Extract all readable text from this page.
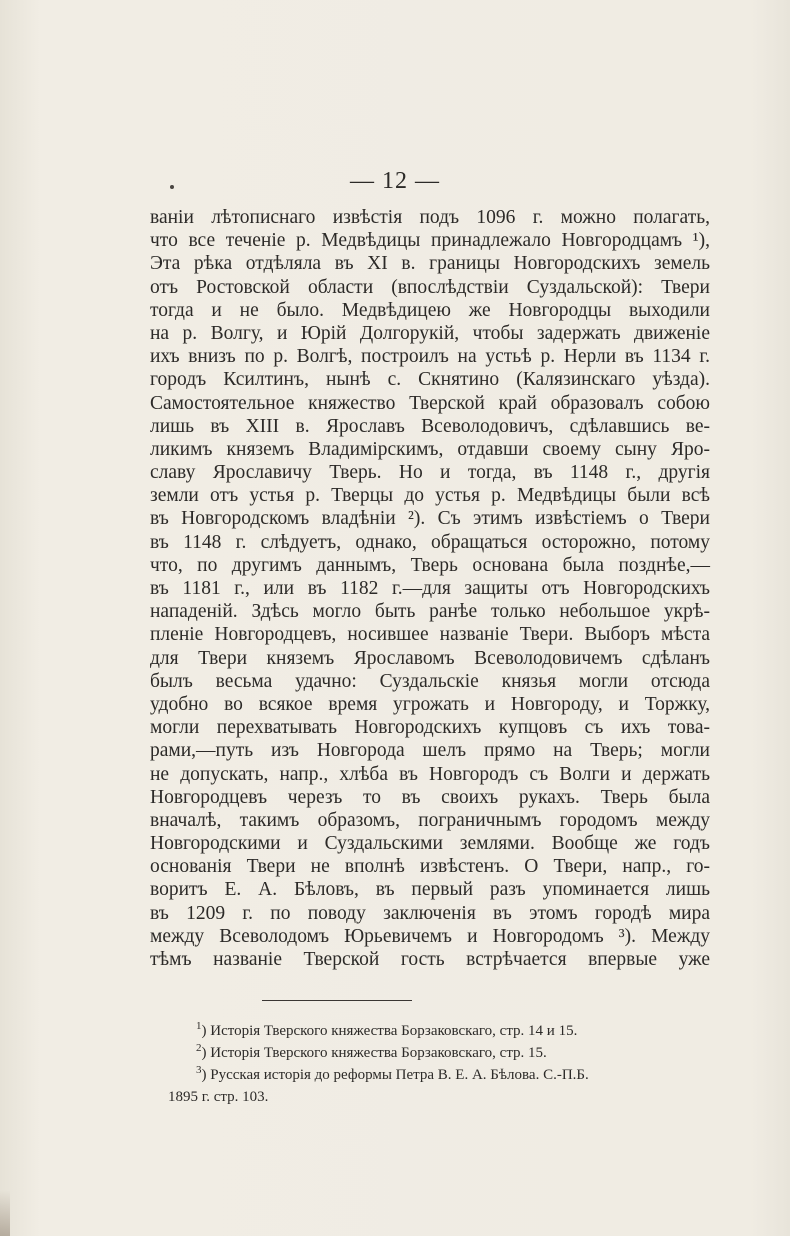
— 12 —
ванiи лѣтописнаго извѣстiя подъ 1096 г. можно полагать,
что все теченiе р. Медвѣдицы принадлежало Новгородцамъ ¹),
Эта рѣка отдѣляла въ XI в. границы Новгородскихъ земель
отъ Ростовской области (впослѣдствiи Суздальской): Твери
тогда и не было. Медвѣдицею же Новгородцы выходили
на р. Волгу, и Юрiй Долгорукiй, чтобы задержать движенiе
ихъ внизъ по р. Волгѣ, построилъ на устьѣ р. Нерли въ 1134 г.
городъ Ксилтинъ, нынѣ с. Скнятино (Калязинскаго уѣзда).
Самостоятельное княжество Тверской край образовалъ собою
лишь въ XIII в. Ярославъ Всеволодовичъ, сдѣлавшись ве-
ликимъ княземъ Владимiрскимъ, отдавши своему сыну Яро-
славу Ярославичу Тверь. Но и тогда, въ 1148 г., другiя
земли отъ устья р. Тверцы до устья р. Медвѣдицы были всѣ
въ Новгородскомъ владѣнiи ²). Съ этимъ извѣстiемъ о Твери
въ 1148 г. слѣдуетъ, однако, обращаться осторожно, потому
что, по другимъ даннымъ, Тверь основана была позднѣе,—
въ 1181 г., или въ 1182 г.—для защиты отъ Новгородскихъ
нападенiй. Здѣсь могло быть ранѣе только небольшое укрѣ-
пленiе Новгородцевъ, носившее названiе Твери. Выборъ мѣста
для Твери княземъ Ярославомъ Всеволодовичемъ сдѣланъ
былъ весьма удачно: Суздальскiе князья могли отсюда
удобно во всякое время угрожать и Новгороду, и Торжку,
могли перехватывать Новгородскихъ купцовъ съ ихъ това-
рами,—путь изъ Новгорода шелъ прямо на Тверь; могли
не допускать, напр., хлѣба въ Новгородъ съ Волги и держать
Новгородцевъ черезъ то въ своихъ рукахъ. Тверь была
вначалѣ, такимъ образомъ, пограничнымъ городомъ между
Новгородскими и Суздальскими землями. Вообще же годъ
основанiя Твери не вполнѣ извѣстенъ. О Твери, напр., го-
воритъ Е. А. Бѣловъ, въ первый разъ упоминается лишь
въ 1209 г. по поводу заключенiя въ этомъ городѣ мира
между Всеволодомъ Юрьевичемъ и Новгородомъ ³). Между
тѣмъ названiе Тверской гость встрѣчается впервые уже
$^1$) Исторiя Тверского княжества Борзаковскаго, стр. 14 и 15.
$^2$) Исторiя Тверского княжества Борзаковскаго, стр. 15.
$^3$) Русская исторiя до реформы Петра В. Е. А. Бѣлова. С.-П.Б.
1895 г. стр. 103.
